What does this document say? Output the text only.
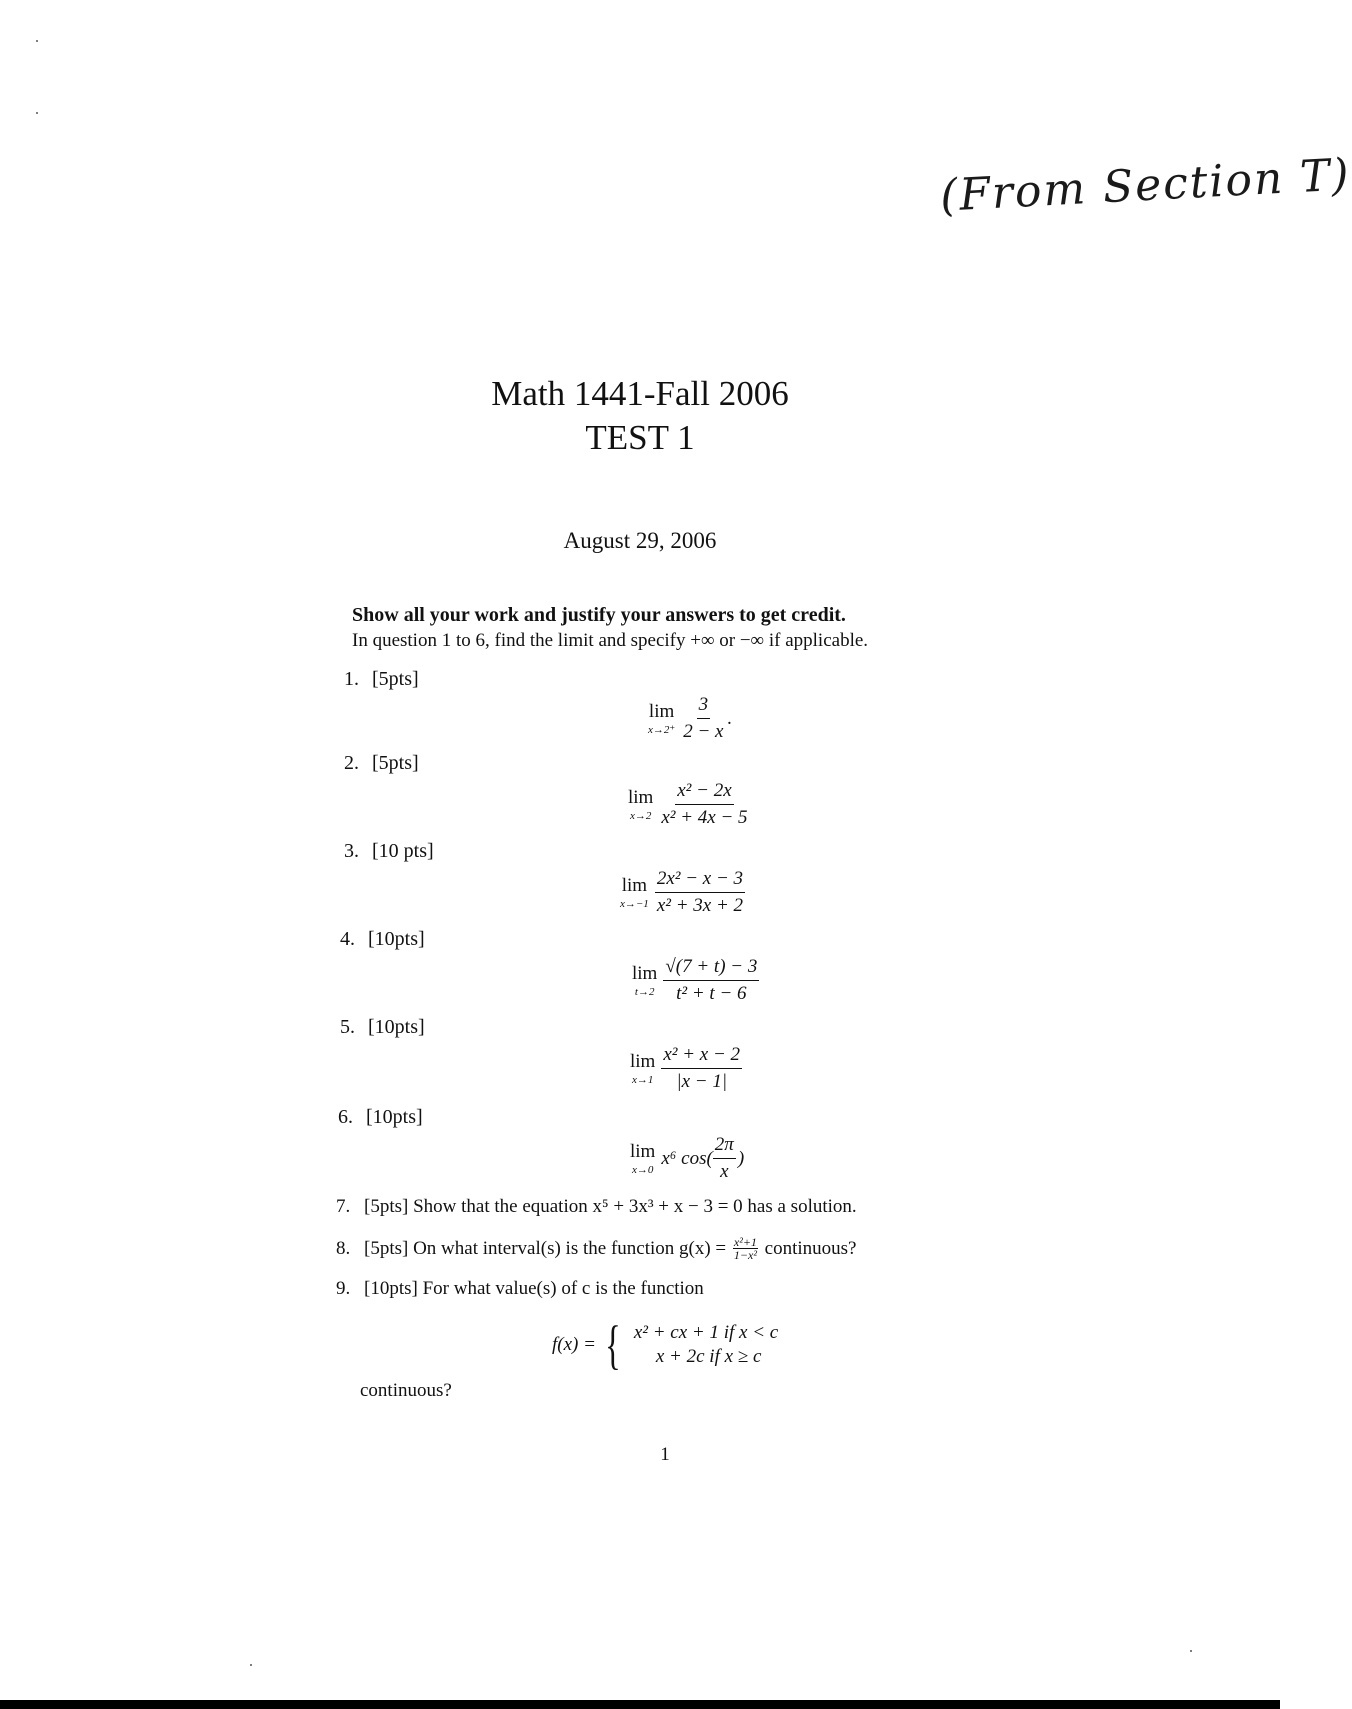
(From Section T)
Math 1441-Fall 2006
TEST 1
August 29, 2006
Show all your work and justify your answers to get credit.
In question 1 to 6, find the limit and specify +∞ or −∞ if applicable.
1. [5pts]
lim
$x\to 2^+ \frac{3}{2 - x}$ .
2. [5pts]
lim
$x\to 2 \frac{\text{x² − 2x}}{\text{x² + 4x − 5}}$
3. [10 pts]
lim
$x\to-1 \frac{\text{2x² − x − 3}}{\text{x² + 3x + 2}}$
4. [10pts]
lim
$t\to 2 \frac{√(7 + t) - 3}{\text{t² + t − 6}}$
5. [10pts]
lim
$x\to 1 \frac{\text{x² + x − 2}}{|x - 1|}$
6. [10pts]
lim
x→0
x⁶ $\cos( \frac{2\pi}{x}$ )
7. [5pts] Show that the equation x⁵ + 3x³ + x − 3 = 0 has a solution.
8. [5pts] On what interval(s) is the function $g(x) = \frac{\text{x²+1}}{\text{1−x²}}$ continuous?
9. [10pts] For what value(s) of c is the function
f(x) = { x² + cx + 1 if x < c
x + 2c if x ≥ c
continuous?
1
